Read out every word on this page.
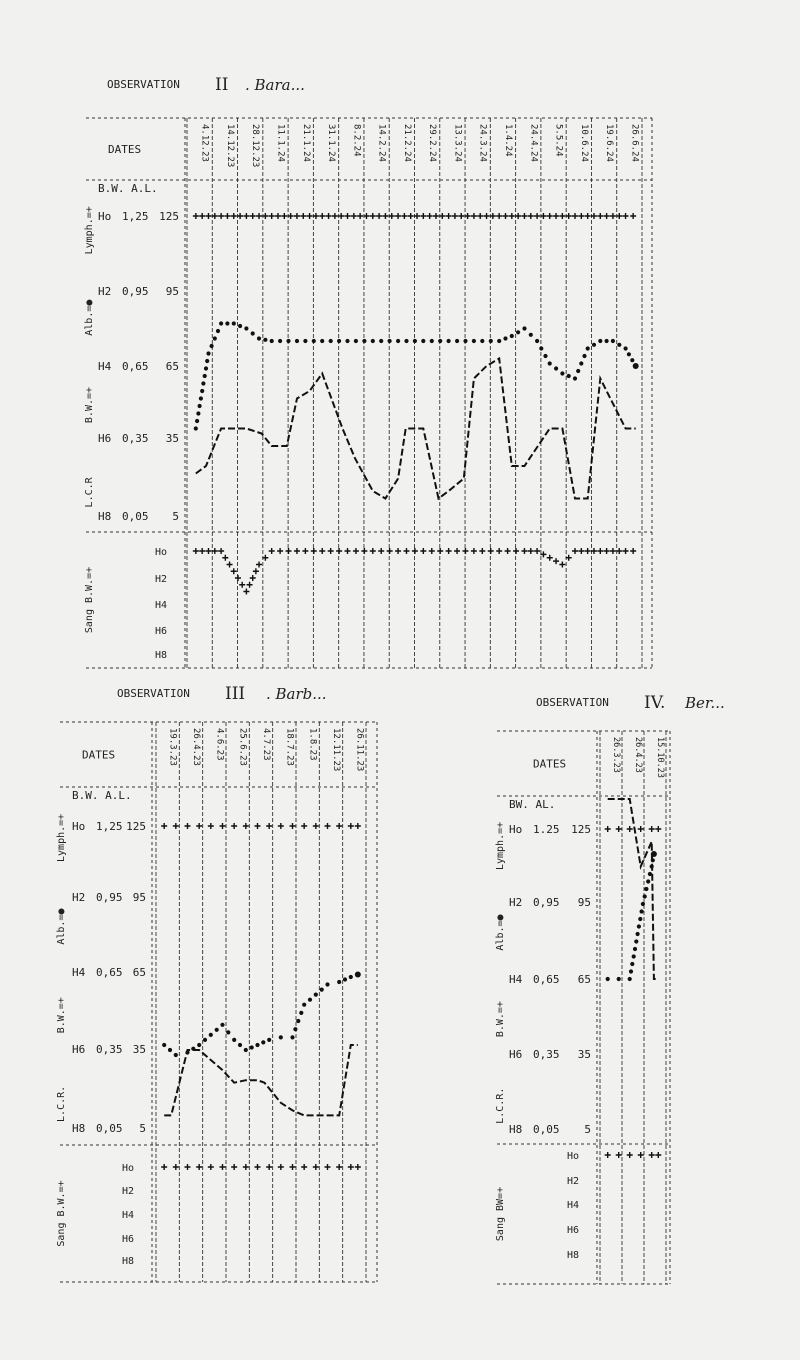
OBSERVATION II . Bara...
4.12.23 14.12.23 28.12.23 11.1.24 21.1.24 31.1.24 8.2.24 14.2.24 21.2.24 29.2.24 13.3.24 24.3.24 1.4.24 24.4.24 5.5.24 10.6.24 19.6.24 26.6.24
DATES
B.W. A.L.
Ho 1,25 125
H2 0,95 95
H4 0,65 65
H6 0,35 35
H8 0,05 5
Lymph.=+
Alb.=●
B.W.=+
L.C.R
Sang B.W.=+
Ho
H2
H4
H6
H8
OBSERVATION III . Barb...
19.3.23 26.4.23 4.6.23 25.6.23 4.7.23 18.7.23 1.8.23 12.11.23 26.11.23
DATES
B.W. A.L.
Ho 1,25 125
H2 0,95 95
H4 0,65 65
H6 0,35 35
H8 0,05 5
Lymph.=+
Alb.=●
B.W.=+
L.C.R.
Sang B.W.=+
Ho
H2
H4
H6
H8
OBSERVATION IV. Ber...
26.3.23 26.4.23 15.10.23
DATES
BW. AL.
Ho 1.25 125
H2 0,95 95
H4 0,65 65
H6 0,35 35
H8 0,05 5
Lymph.=+
Alb.=●
B.W.=+
L.C.R.
Sang BW=+
Ho
H2
H4
H6
H8
